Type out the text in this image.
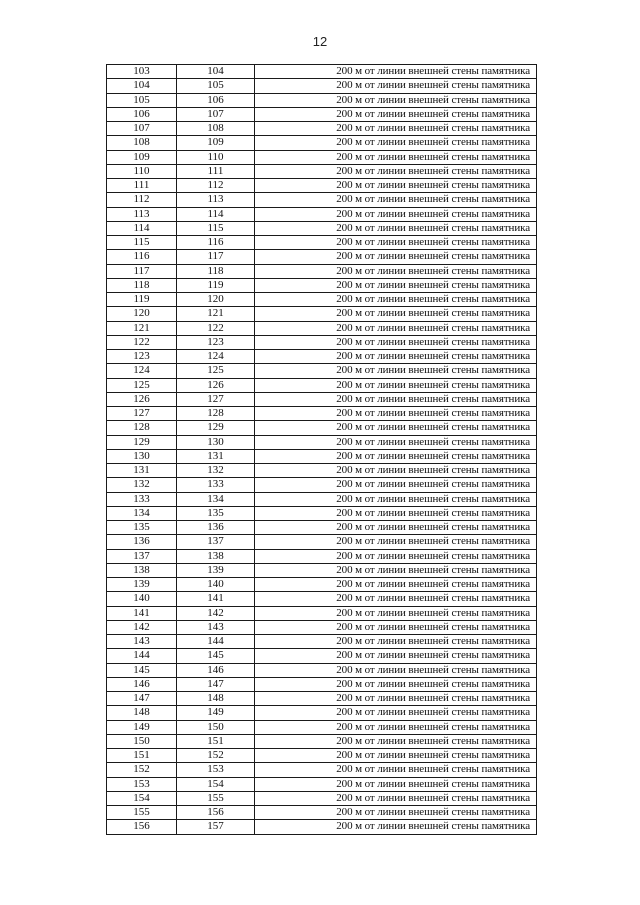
12
103	104	200 м от линии внешней стены памятника
104	105	200 м от линии внешней стены памятника
105	106	200 м от линии внешней стены памятника
106	107	200 м от линии внешней стены памятника
107	108	200 м от линии внешней стены памятника
108	109	200 м от линии внешней стены памятника
109	110	200 м от линии внешней стены памятника
110	111	200 м от линии внешней стены памятника
111	112	200 м от линии внешней стены памятника
112	113	200 м от линии внешней стены памятника
113	114	200 м от линии внешней стены памятника
114	115	200 м от линии внешней стены памятника
115	116	200 м от линии внешней стены памятника
116	117	200 м от линии внешней стены памятника
117	118	200 м от линии внешней стены памятника
118	119	200 м от линии внешней стены памятника
119	120	200 м от линии внешней стены памятника
120	121	200 м от линии внешней стены памятника
121	122	200 м от линии внешней стены памятника
122	123	200 м от линии внешней стены памятника
123	124	200 м от линии внешней стены памятника
124	125	200 м от линии внешней стены памятника
125	126	200 м от линии внешней стены памятника
126	127	200 м от линии внешней стены памятника
127	128	200 м от линии внешней стены памятника
128	129	200 м от линии внешней стены памятника
129	130	200 м от линии внешней стены памятника
130	131	200 м от линии внешней стены памятника
131	132	200 м от линии внешней стены памятника
132	133	200 м от линии внешней стены памятника
133	134	200 м от линии внешней стены памятника
134	135	200 м от линии внешней стены памятника
135	136	200 м от линии внешней стены памятника
136	137	200 м от линии внешней стены памятника
137	138	200 м от линии внешней стены памятника
138	139	200 м от линии внешней стены памятника
139	140	200 м от линии внешней стены памятника
140	141	200 м от линии внешней стены памятника
141	142	200 м от линии внешней стены памятника
142	143	200 м от линии внешней стены памятника
143	144	200 м от линии внешней стены памятника
144	145	200 м от линии внешней стены памятника
145	146	200 м от линии внешней стены памятника
146	147	200 м от линии внешней стены памятника
147	148	200 м от линии внешней стены памятника
148	149	200 м от линии внешней стены памятника
149	150	200 м от линии внешней стены памятника
150	151	200 м от линии внешней стены памятника
151	152	200 м от линии внешней стены памятника
152	153	200 м от линии внешней стены памятника
153	154	200 м от линии внешней стены памятника
154	155	200 м от линии внешней стены памятника
155	156	200 м от линии внешней стены памятника
156	157	200 м от линии внешней стены памятника
